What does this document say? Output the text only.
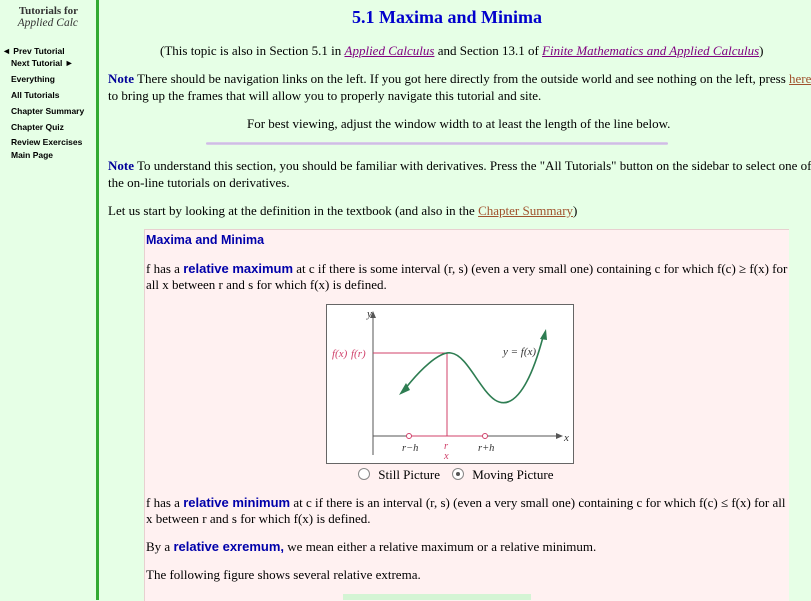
Tutorials for
Applied Calc
◄ Prev Tutorial
Next Tutorial ►
Everything
All Tutorials
Chapter Summary
Chapter Quiz
Review Exercises
Main Page
5.1 Maxima and Minima
(This topic is also in Section 5.1 in Applied Calculus and Section 13.1 of Finite Mathematics and Applied Calculus)
Note There should be navigation links on the left. If you got here directly from the outside world and see nothing on the left, press here
to bring up the frames that will allow you to properly navigate this tutorial and site.
For best viewing, adjust the window width to at least the length of the line below.
Note To understand this section, you should be familiar with derivatives. Press the "All Tutorials" button on the sidebar to select one of
the on-line tutorials on derivatives.
Let us start by looking at the definition in the textbook (and also in the Chapter Summary)
Maxima and Minima
f has a relative maximum at c if there is some interval (r, s) (even a very small one) containing c for which f(c) ≥ f(x) for
all x between r and s for which f(x) is defined.
y
x
y = f(x)
f(x) f(r)
r−h r
x
r+h
Still Picture	Moving Picture
f has a relative minimum at c if there is an interval (r, s) (even a very small one) containing c for which f(c) ≤ f(x) for all
x between r and s for which f(x) is defined.
By a relative exremum, we mean either a relative maximum or a relative minimum.
The following figure shows several relative extrema.
